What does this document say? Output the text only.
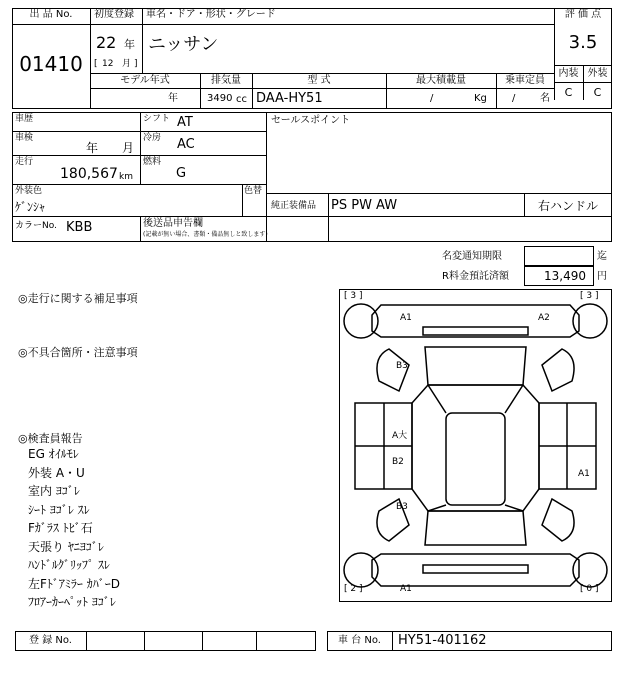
出 品 No.
01410
初度登録 車名・ドア・形状・グレード
22 年
[ 12 月 ]
ニッサン
評 価 点
3.5
内装 外装
C	C
モデル年式	排気量	型 式	最大積載量	乗車定員
年	3490 cc DAA-HY51	/	Kg	/ 名
車歴	シフト AT
車検
年 月
冷房 AC
走行
180,567 km
燃料
G
セールスポイント
外装色
ｹﾞﾝｼｬ
色替
純正装備品 PS PW AW	右ハンドル
カラーNo. KBB	後送品申告欄
(記載が無い場合、書類・備品無しと致します)
名変通知期限	迄
R料金預託済額	13,490 円
◎走行に関する補足事項
◎不具合箇所・注意事項
◎検査員報告
EG ｵｲﾙﾓﾚ
外装 A・U
室内 ﾖｺﾞﾚ
ｼｰﾄ ﾖｺﾞﾚ ｽﾚ
Fｶﾞﾗｽ ﾄﾋﾞ石
天張り ﾔﾆﾖｺﾞﾚ
ﾊﾝﾄﾞﾙｸﾞﾘｯﾌﾟ ｽﾚ
左Fﾄﾞｱﾐﾗｰ ｶﾊﾞｰD
ﾌﾛｱｰｶｰﾍﾟｯﾄ ﾖｺﾞﾚ
[ 3 ]	[ 3 ]
[ 2 ]	[ 0 ]
A1	A2
B3
A大
B2
A1
B3
A1
登 録 No.	車 台 No.	HY51-401162
